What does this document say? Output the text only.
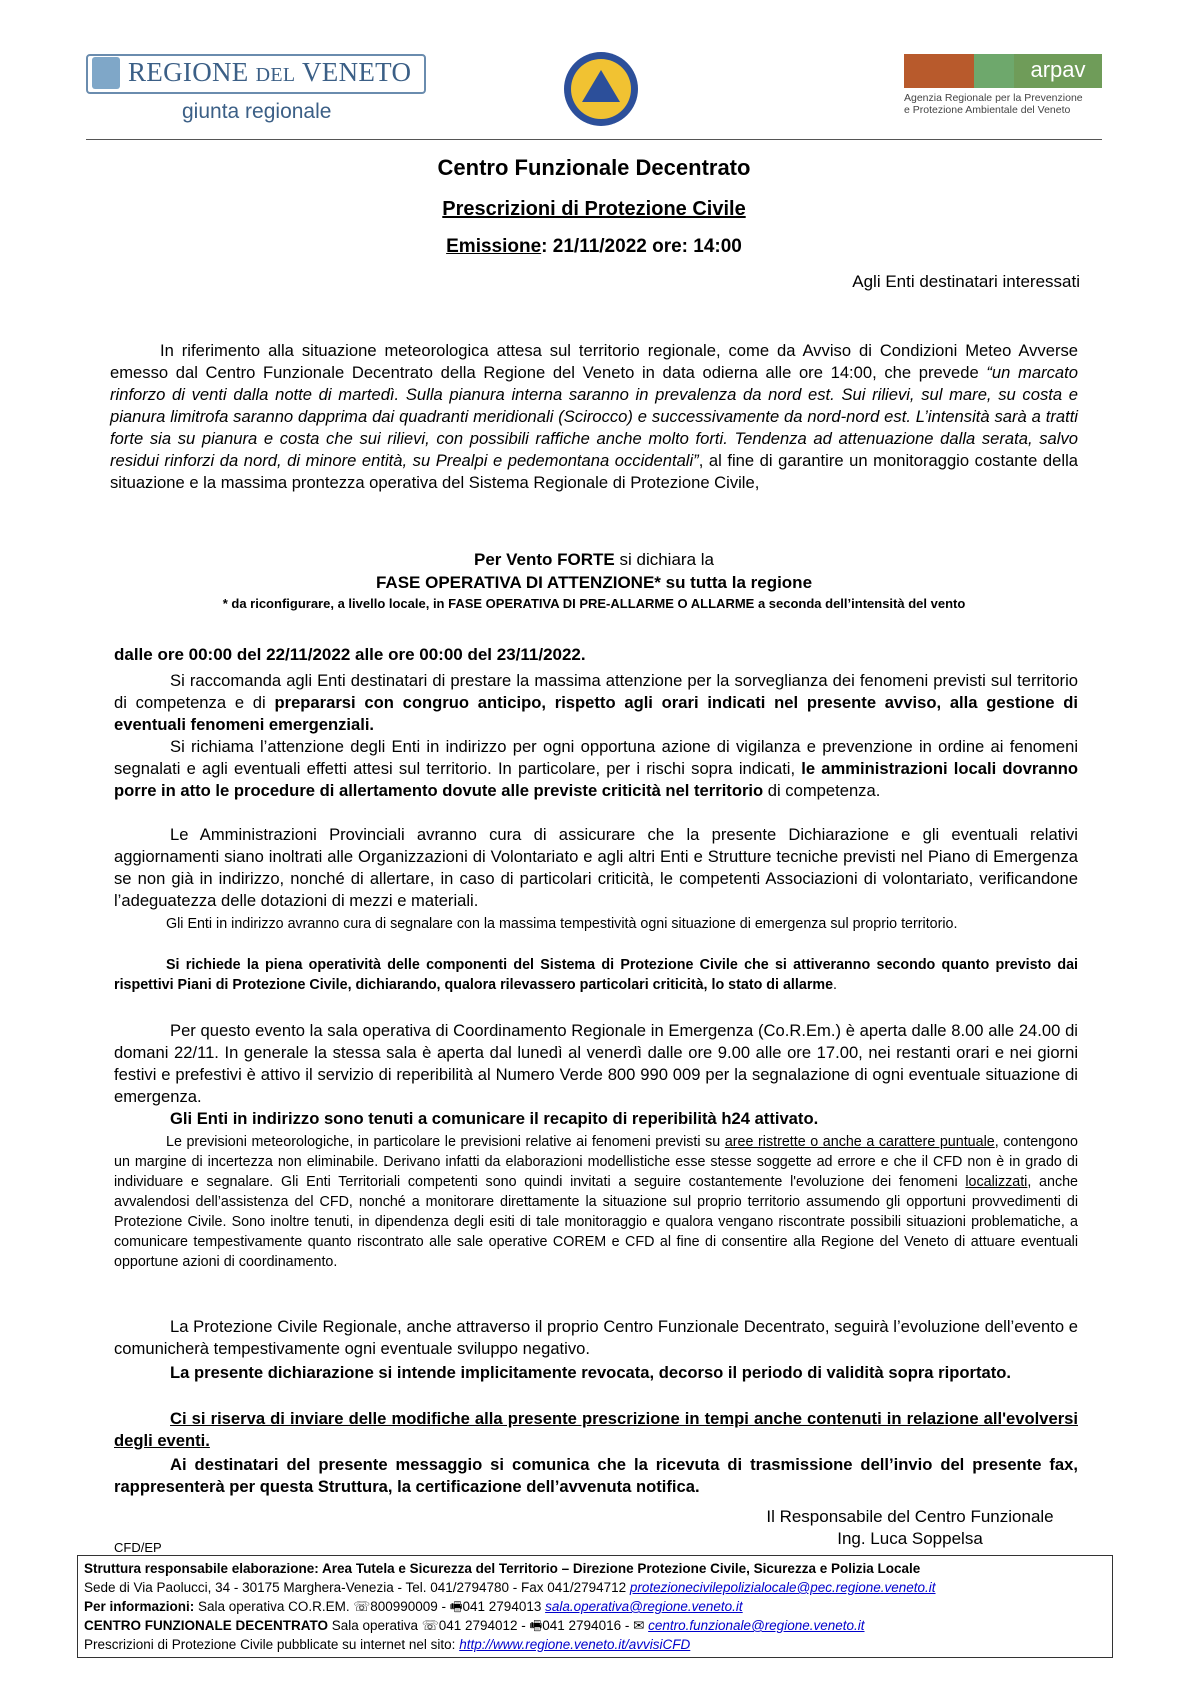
REGIONE DEL VENETO
giunta regionale
arpav
Agenzia Regionale per la Prevenzione
e Protezione Ambientale del Veneto
Centro Funzionale Decentrato
Prescrizioni di Protezione Civile
Emissione: 21/11/2022 ore: 14:00
Agli Enti destinatari interessati
In riferimento alla situazione meteorologica attesa sul territorio regionale, come da Avviso di Condizioni Meteo Avverse emesso dal Centro Funzionale Decentrato della Regione del Veneto in data odierna alle ore 14:00, che prevede “un marcato rinforzo di venti dalla notte di martedì. Sulla pianura interna saranno in prevalenza da nord est. Sui rilievi, sul mare, su costa e pianura limitrofa saranno dapprima dai quadranti meridionali (Scirocco) e successivamente da nord-nord est. L’intensità sarà a tratti forte sia su pianura e costa che sui rilievi, con possibili raffiche anche molto forti. Tendenza ad attenuazione dalla serata, salvo residui rinforzi da nord, di minore entità, su Prealpi e pedemontana occidentali”, al fine di garantire un monitoraggio costante della situazione e la massima prontezza operativa del Sistema Regionale di Protezione Civile,
Per Vento FORTE si dichiara la
FASE OPERATIVA DI ATTENZIONE* su tutta la regione
* da riconfigurare, a livello locale, in FASE OPERATIVA DI PRE-ALLARME O ALLARME a seconda dell’intensità del vento
dalle ore 00:00 del 22/11/2022 alle ore 00:00 del 23/11/2022.
Si raccomanda agli Enti destinatari di prestare la massima attenzione per la sorveglianza dei fenomeni previsti sul territorio di competenza e di prepararsi con congruo anticipo, rispetto agli orari indicati nel presente avviso, alla gestione di eventuali fenomeni emergenziali.
Si richiama l’attenzione degli Enti in indirizzo per ogni opportuna azione di vigilanza e prevenzione in ordine ai fenomeni segnalati e agli eventuali effetti attesi sul territorio. In particolare, per i rischi sopra indicati, le amministrazioni locali dovranno porre in atto le procedure di allertamento dovute alle previste criticità nel territorio di competenza.
Le Amministrazioni Provinciali avranno cura di assicurare che la presente Dichiarazione e gli eventuali relativi aggiornamenti siano inoltrati alle Organizzazioni di Volontariato e agli altri Enti e Strutture tecniche previsti nel Piano di Emergenza se non già in indirizzo, nonché di allertare, in caso di particolari criticità, le competenti Associazioni di volontariato, verificandone l’adeguatezza delle dotazioni di mezzi e materiali.
Gli Enti in indirizzo avranno cura di segnalare con la massima tempestività ogni situazione di emergenza sul proprio territorio.
Si richiede la piena operatività delle componenti del Sistema di Protezione Civile che si attiveranno secondo quanto previsto dai rispettivi Piani di Protezione Civile, dichiarando, qualora rilevassero particolari criticità, lo stato di allarme.
Per questo evento la sala operativa di Coordinamento Regionale in Emergenza (Co.R.Em.) è aperta dalle 8.00 alle 24.00 di domani 22/11. In generale la stessa sala è aperta dal lunedì al venerdì dalle ore 9.00 alle ore 17.00, nei restanti orari e nei giorni festivi e prefestivi è attivo il servizio di reperibilità al Numero Verde 800 990 009 per la segnalazione di ogni eventuale situazione di emergenza.
Gli Enti in indirizzo sono tenuti a comunicare il recapito di reperibilità h24 attivato.
Le previsioni meteorologiche, in particolare le previsioni relative ai fenomeni previsti su aree ristrette o anche a carattere puntuale, contengono un margine di incertezza non eliminabile. Derivano infatti da elaborazioni modellistiche esse stesse soggette ad errore e che il CFD non è in grado di individuare e segnalare. Gli Enti Territoriali competenti sono quindi invitati a seguire costantemente l'evoluzione dei fenomeni localizzati, anche avvalendosi dell’assistenza del CFD, nonché a monitorare direttamente la situazione sul proprio territorio assumendo gli opportuni provvedimenti di Protezione Civile. Sono inoltre tenuti, in dipendenza degli esiti di tale monitoraggio e qualora vengano riscontrate possibili situazioni problematiche, a comunicare tempestivamente quanto riscontrato alle sale operative COREM e CFD al fine di consentire alla Regione del Veneto di attuare eventuali opportune azioni di coordinamento.
La Protezione Civile Regionale, anche attraverso il proprio Centro Funzionale Decentrato, seguirà l’evoluzione dell’evento e comunicherà tempestivamente ogni eventuale sviluppo negativo.
La presente dichiarazione si intende implicitamente revocata, decorso il periodo di validità sopra riportato.
Ci si riserva di inviare delle modifiche alla presente prescrizione in tempi anche contenuti in relazione all'evolversi degli eventi.
Ai destinatari del presente messaggio si comunica che la ricevuta di trasmissione dell’invio del presente fax, rappresenterà per questa Struttura, la certificazione dell’avvenuta notifica.
Il Responsabile del Centro Funzionale
Ing. Luca Soppelsa
CFD/EP
Struttura responsabile elaborazione: Area Tutela e Sicurezza del Territorio – Direzione Protezione Civile, Sicurezza e Polizia Locale
Sede di Via Paolucci, 34 - 30175 Marghera-Venezia - Tel. 041/2794780 - Fax 041/2794712 protezionecivilepolizialocale@pec.regione.veneto.it
Per informazioni: Sala operativa CO.R.EM. ☏800990009 - 🖷041 2794013 sala.operativa@regione.veneto.it
CENTRO FUNZIONALE DECENTRATO Sala operativa ☏041 2794012 - 🖷041 2794016 - ✉ centro.funzionale@regione.veneto.it
Prescrizioni di Protezione Civile pubblicate su internet nel sito: http://www.regione.veneto.it/avvisiCFD
